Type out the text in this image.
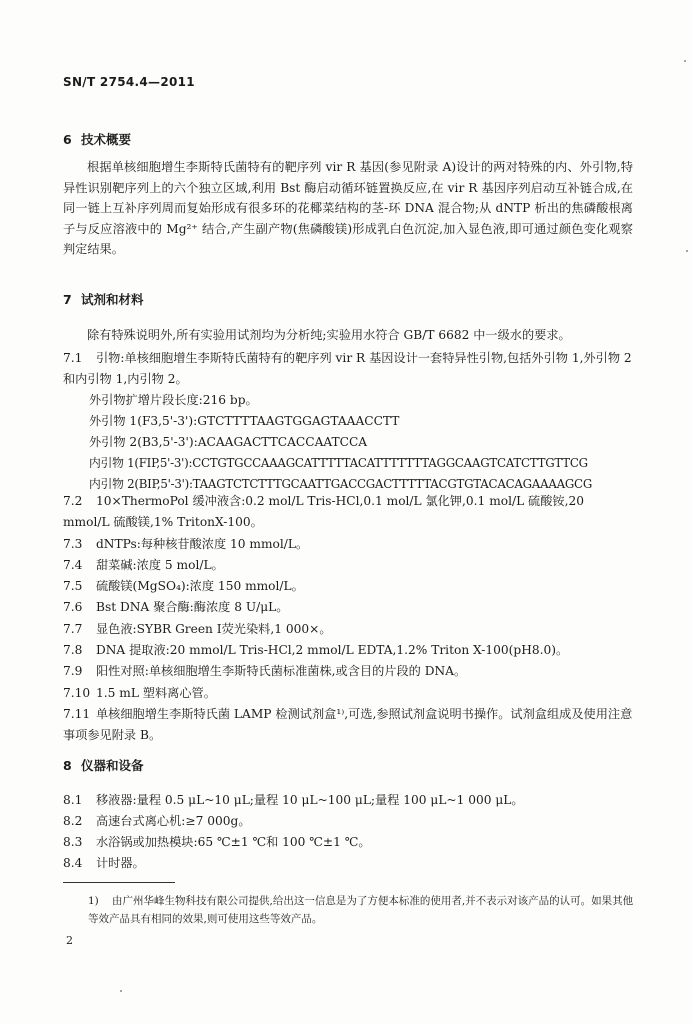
SN/T 2754.4—2011
6 技术概要
根据单核细胞增生李斯特氏菌特有的靶序列 vir R 基因(参见附录 A)设计的两对特殊的内、外引物,特异性识别靶序列上的六个独立区域,利用 Bst 酶启动循环链置换反应,在 vir R 基因序列启动互补链合成,在同一链上互补序列周而复始形成有很多环的花椰菜结构的茎-环 DNA 混合物;从 dNTP 析出的焦磷酸根离子与反应溶液中的 Mg²⁺ 结合,产生副产物(焦磷酸镁)形成乳白色沉淀,加入显色液,即可通过颜色变化观察判定结果。
7 试剂和材料
除有特殊说明外,所有实验用试剂均为分析纯;实验用水符合 GB/T 6682 中一级水的要求。
7.1 引物:单核细胞增生李斯特氏菌特有的靶序列 vir R 基因设计一套特异性引物,包括外引物 1,外引物 2 和内引物 1,内引物 2。
外引物扩增片段长度:216 bp。
外引物 1(F3,5'-3'):GTCTTTTAAGTGGAGTAAACCTT
外引物 2(B3,5'-3'):ACAAGACTTCACCAATCCA
内引物 1(FIP,5'-3'):CCTGTGCCAAAGCATTTTTACATTTTTTTAGGCAAGTCATCTTGTTCG
内引物 2(BIP,5'-3'):TAAGTCTCTTTGCAATTGACCGACTTTTTACGTGTACACAGAAAAGCG
7.2 10×ThermoPol 缓冲液含:0.2 mol/L Tris-HCl,0.1 mol/L 氯化钾,0.1 mol/L 硫酸铵,20 mmol/L 硫酸镁,1% TritonX-100。
7.3 dNTPs:每种核苷酸浓度 10 mmol/L。
7.4 甜菜碱:浓度 5 mol/L。
7.5 硫酸镁(MgSO₄):浓度 150 mmol/L。
7.6 Bst DNA 聚合酶:酶浓度 8 U/μL。
7.7 显色液:SYBR Green Ⅰ荧光染料,1 000×。
7.8 DNA 提取液:20 mmol/L Tris-HCl,2 mmol/L EDTA,1.2% Triton X-100(pH8.0)。
7.9 阳性对照:单核细胞增生李斯特氏菌标准菌株,或含目的片段的 DNA。
7.10 1.5 mL 塑料离心管。
7.11 单核细胞增生李斯特氏菌 LAMP 检测试剂盒¹⁾,可选,参照试剂盒说明书操作。试剂盒组成及使用注意事项参见附录 B。
8 仪器和设备
8.1 移液器:量程 0.5 μL~10 μL;量程 10 μL~100 μL;量程 100 μL~1 000 μL。
8.2 高速台式离心机:≥7 000g。
8.3 水浴锅或加热模块:65 ℃±1 ℃和 100 ℃±1 ℃。
8.4 计时器。
1) 由广州华峰生物科技有限公司提供,给出这一信息是为了方便本标准的使用者,并不表示对该产品的认可。如果其他等效产品具有相同的效果,则可使用这些等效产品。
2
